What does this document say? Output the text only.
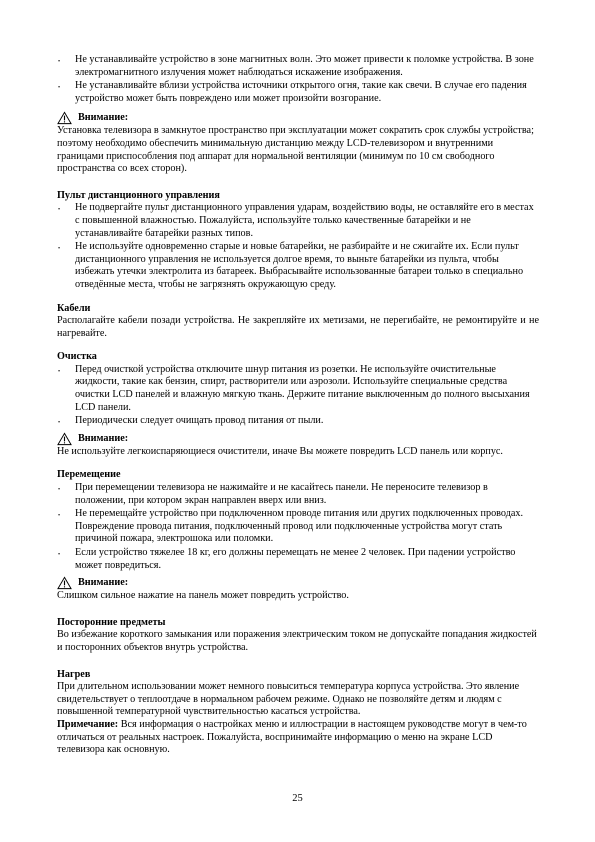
• Не устанавливайте устройство в зоне магнитных волн. Это может привести к поломке устройства. В зоне электромагнитного излучения может наблюдаться искажение изображения.
• Не устанавливайте вблизи устройства источники открытого огня, такие как свечи. В случае его падения устройство может быть повреждено или может произойти возгорание.
Внимание:

Установка телевизора в замкнутое пространство при эксплуатации может сократить срок службы устройства; поэтому необходимо обеспечить минимальную дистанцию между LCD-телевизором и внутренними границами приспособления под аппарат для нормальной вентиляции (минимум по 10 см свободного пространства со всех сторон).

Пульт дистанционного управления
• Не подвергайте пульт дистанционного управления ударам, воздействию воды, не оставляйте его в местах с повышенной влажностью. Пожалуйста, используйте только качественные батарейки и не устанавливайте батарейки разных типов.
• Не используйте одновременно старые и новые батарейки, не разбирайте и не сжигайте их. Если пульт дистанционного управления не используется долгое время, то выньте батарейки из пульта, чтобы избежать утечки электролита из батареек. Выбрасывайте использованные батареи только в специально отведённые места, чтобы не загрязнять окружающую среду.
Кабели

Располагайте кабели позади устройства. Не закрепляйте их метизами, не перегибайте, не ремонтируйте и не нагревайте.

Очистка
• Перед очисткой устройства отключите шнур питания из розетки. Не используйте очистительные жидкости, такие как бензин, спирт, растворители или аэрозоли. Используйте специальные средства очистки LCD панелей и влажную мягкую ткань. Держите питание выключенным до полного высыхания LCD панели.
• Периодически следует очищать провод питания от пыли.
Внимание:

Не используйте легкоиспаряющиеся очистители, иначе Вы можете повредить LCD панель или корпус.

Перемещение
• При перемещении телевизора не нажимайте и не касайтесь панели. Не переносите телевизор в положении, при котором экран направлен вверх или вниз.
• Не перемещайте устройство при подключенном проводе питания или других подключенных проводах. Повреждение провода питания, подключенный провод или подключенные устройства могут стать причиной пожара, электрошока или поломки.
• Если устройство тяжелее 18 кг, его должны перемещать не менее 2 человек. При падении устройство может повредиться.
Внимание:

Слишком сильное нажатие на панель может повредить устройство.

Посторонние предметы

Во избежание короткого замыкания или поражения электрическим током не допускайте попадания жидкостей и посторонних объектов внутрь устройства.

Нагрев

При длительном использовании может немного повыситься температура корпуса устройства. Это явление свидетельствует о теплоотдаче в нормальном рабочем режиме. Однако не позволяйте детям и людям с повышенной температурной чувствительностью касаться устройства.

Примечание: Вся информация о настройках меню и иллюстрации в настоящем руководстве могут в чем-то отличаться от реальных настроек. Пожалуйста, воспринимайте информацию о меню на экране LCD телевизора как основную.

25
